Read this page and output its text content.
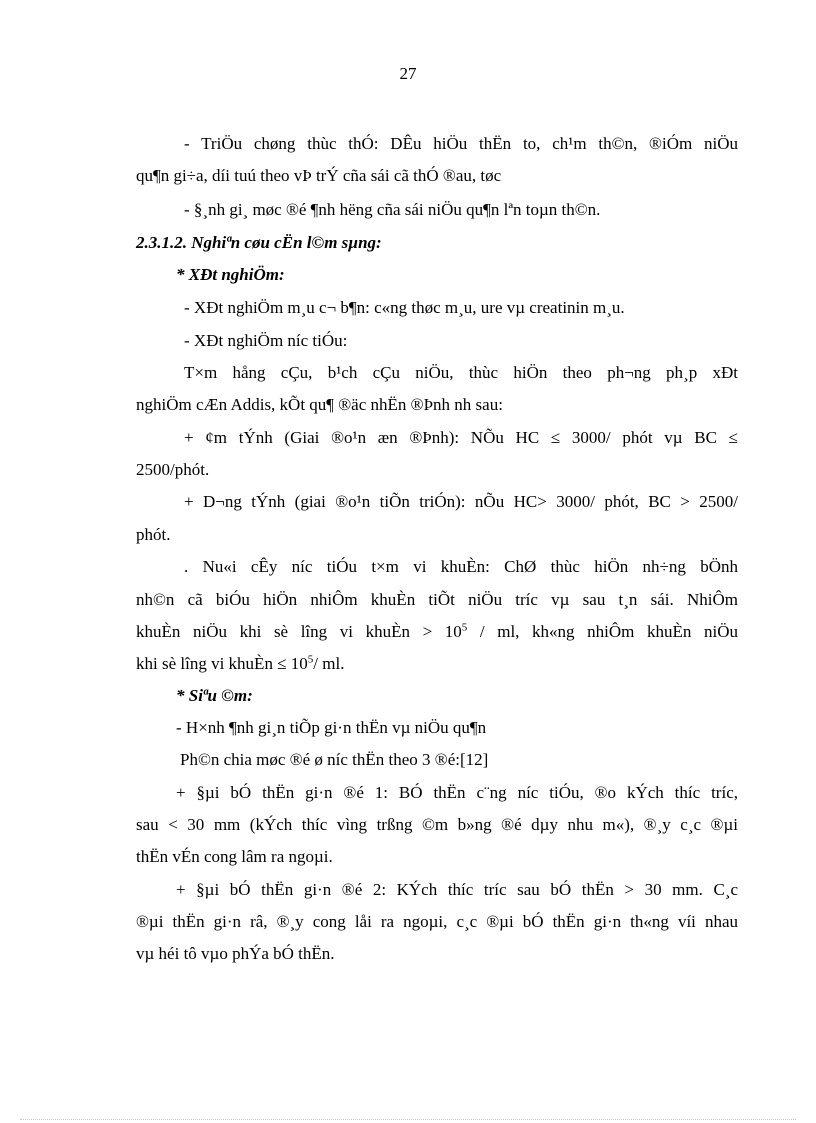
27
- TriÖu chøng thùc thÓ: DÊu hiÖu thËn to, ch¹m th©n, ®iÓm niÖu
qu¶n gi÷a, díi tuú theo vÞ trÝ cña sái cã thÓ ®au, tøc
- §¸nh gi¸ møc ®é ¶nh hëng cña sái niÖu qu¶n lªn toµn th©n.
2.3.1.2. Nghiªn cøu cËn l©m sµng:
* XÐt nghiÖm:
- XÐt nghiÖm m¸u c¬ b¶n: c«ng thøc m¸u, ure vµ creatinin m¸u.
- XÐt nghiÖm níc tiÓu:
T×m hång cÇu, b¹ch cÇu niÖu, thùc hiÖn theo ph¬ng ph¸p xÐt
nghiÖm cÆn Addis, kÕt qu¶ ®äc nhËn ®Þnh nh sau:
+ ¢m tÝnh (Giai ®o¹n æn ®Þnh): NÕu HC ≤ 3000/ phót vµ BC ≤
2500/phót.
+ D¬ng tÝnh (giai ®o¹n tiÕn triÓn): nÕu HC> 3000/ phót, BC > 2500/
phót.
. Nu«i cÊy níc tiÓu t×m vi khuÈn: ChØ thùc hiÖn nh÷ng bÖnh
nh©n cã biÓu hiÖn nhiÔm khuÈn tiÕt niÖu tríc vµ sau t¸n sái. NhiÔm
khuÈn niÖu khi sè lîng vi khuÈn > $10^5$ / ml, kh«ng nhiÔm khuÈn niÖu
khi sè lîng vi khuÈn ≤ $10^5/$ ml.
* Siªu ©m:
- H×nh ¶nh gi¸n tiÕp gi·n thËn vµ niÖu qu¶n
Ph©n chia møc ®é ø níc thËn theo 3 ®é:[12]
+ §µi bÓ thËn gi·n ®é 1: BÓ thËn c¨ng níc tiÓu, ®o kÝch thíc tríc,
sau < 30 mm (kÝch thíc vìng trßng ©m b»ng ®é dµy nhu m«), ®¸y c¸c ®µi
thËn vÉn cong lâm ra ngoµi.
+ §µi bÓ thËn gi·n ®é 2: KÝch thíc tríc sau bÓ thËn > 30 mm. C¸c
®µi thËn gi·n râ, ®¸y cong låi ra ngoµi, c¸c ®µi bÓ thËn gi·n th«ng víi nhau
vµ héi tô vµo phÝa bÓ thËn.
